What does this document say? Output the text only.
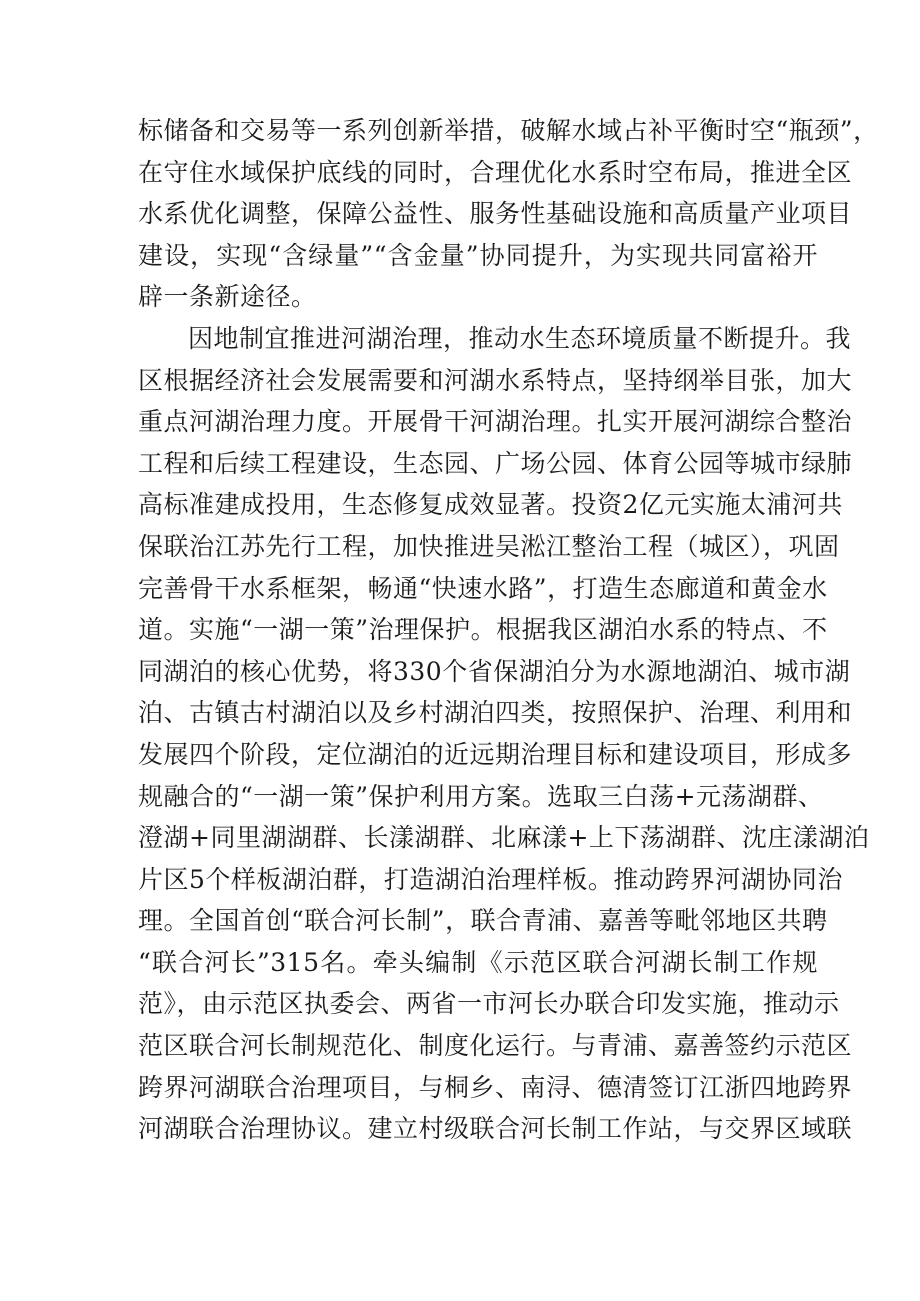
标储备和交易等一系列创新举措，破解水域占补平衡时空“瓶颈”，
在守住水域保护底线的同时，合理优化水系时空布局，推进全区
水系优化调整，保障公益性、服务性基础设施和高质量产业项目
建设，实现“含绿量”“含金量”协同提升，为实现共同富裕开
辟一条新途径。
因地制宜推进河湖治理，推动水生态环境质量不断提升。我
区根据经济社会发展需要和河湖水系特点，坚持纲举目张，加大
重点河湖治理力度。开展骨干河湖治理。扎实开展河湖综合整治
工程和后续工程建设，生态园、广场公园、体育公园等城市绿肺
高标准建成投用，生态修复成效显著。投资2亿元实施太浦河共
保联治江苏先行工程，加快推进吴淞江整治工程（城区），巩固
完善骨干水系框架，畅通“快速水路”，打造生态廊道和黄金水
道。实施“一湖一策”治理保护。根据我区湖泊水系的特点、不
同湖泊的核心优势，将330个省保湖泊分为水源地湖泊、城市湖
泊、古镇古村湖泊以及乡村湖泊四类，按照保护、治理、利用和
发展四个阶段，定位湖泊的近远期治理目标和建设项目，形成多
规融合的“一湖一策”保护利用方案。选取三白荡+元荡湖群、
澄湖+同里湖湖群、长漾湖群、北麻漾+上下荡湖群、沈庄漾湖泊
片区5个样板湖泊群，打造湖泊治理样板。推动跨界河湖协同治
理。全国首创“联合河长制”，联合青浦、嘉善等毗邻地区共聘
“联合河长”315名。牵头编制《示范区联合河湖长制工作规
范》，由示范区执委会、两省一市河长办联合印发实施，推动示
范区联合河长制规范化、制度化运行。与青浦、嘉善签约示范区
跨界河湖联合治理项目，与桐乡、南浔、德清签订江浙四地跨界
河湖联合治理协议。建立村级联合河长制工作站，与交界区域联
